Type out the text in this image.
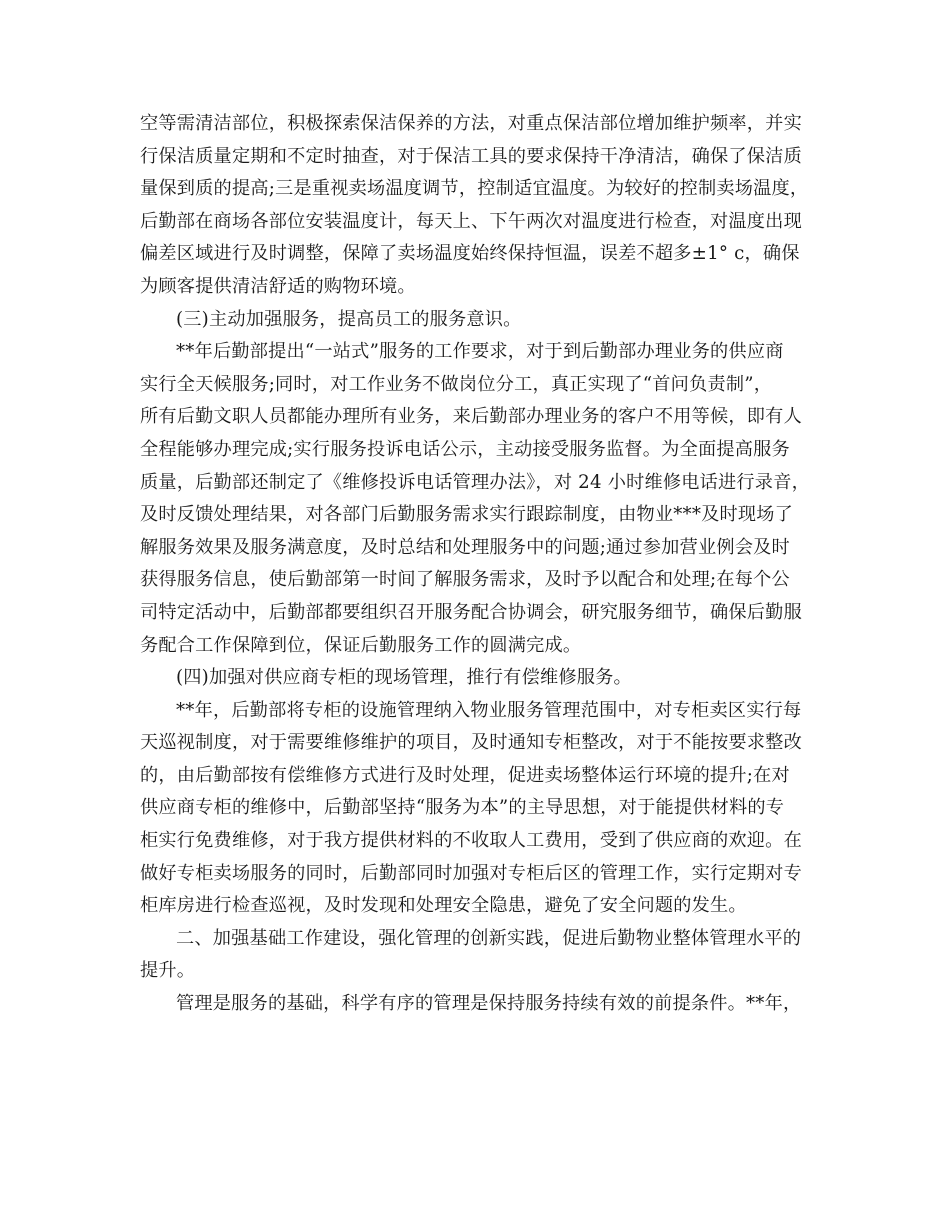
空等需清洁部位，积极探索保洁保养的方法，对重点保洁部位增加维护频率，并实
行保洁质量定期和不定时抽查，对于保洁工具的要求保持干净清洁，确保了保洁质
量保到质的提高;三是重视卖场温度调节，控制适宜温度。为较好的控制卖场温度，
后勤部在商场各部位安装温度计，每天上、下午两次对温度进行检查，对温度出现
偏差区域进行及时调整，保障了卖场温度始终保持恒温，误差不超多±1° c，确保
为顾客提供清洁舒适的购物环境。
(三)主动加强服务，提高员工的服务意识。
**年后勤部提出“一站式”服务的工作要求，对于到后勤部办理业务的供应商
实行全天候服务;同时，对工作业务不做岗位分工，真正实现了“首问负责制”，
所有后勤文职人员都能办理所有业务，来后勤部办理业务的客户不用等候，即有人
全程能够办理完成;实行服务投诉电话公示，主动接受服务监督。为全面提高服务
质量，后勤部还制定了《维修投诉电话管理办法》，对 24 小时维修电话进行录音，
及时反馈处理结果，对各部门后勤服务需求实行跟踪制度，由物业***及时现场了
解服务效果及服务满意度，及时总结和处理服务中的问题;通过参加营业例会及时
获得服务信息，使后勤部第一时间了解服务需求，及时予以配合和处理;在每个公
司特定活动中，后勤部都要组织召开服务配合协调会，研究服务细节，确保后勤服
务配合工作保障到位，保证后勤服务工作的圆满完成。
(四)加强对供应商专柜的现场管理，推行有偿维修服务。
**年，后勤部将专柜的设施管理纳入物业服务管理范围中，对专柜卖区实行每
天巡视制度，对于需要维修维护的项目，及时通知专柜整改，对于不能按要求整改
的，由后勤部按有偿维修方式进行及时处理，促进卖场整体运行环境的提升;在对
供应商专柜的维修中，后勤部坚持“服务为本”的主导思想，对于能提供材料的专
柜实行免费维修，对于我方提供材料的不收取人工费用，受到了供应商的欢迎。在
做好专柜卖场服务的同时，后勤部同时加强对专柜后区的管理工作，实行定期对专
柜库房进行检查巡视，及时发现和处理安全隐患，避免了安全问题的发生。
二、加强基础工作建设，强化管理的创新实践，促进后勤物业整体管理水平的
提升。
管理是服务的基础，科学有序的管理是保持服务持续有效的前提条件。**年，
